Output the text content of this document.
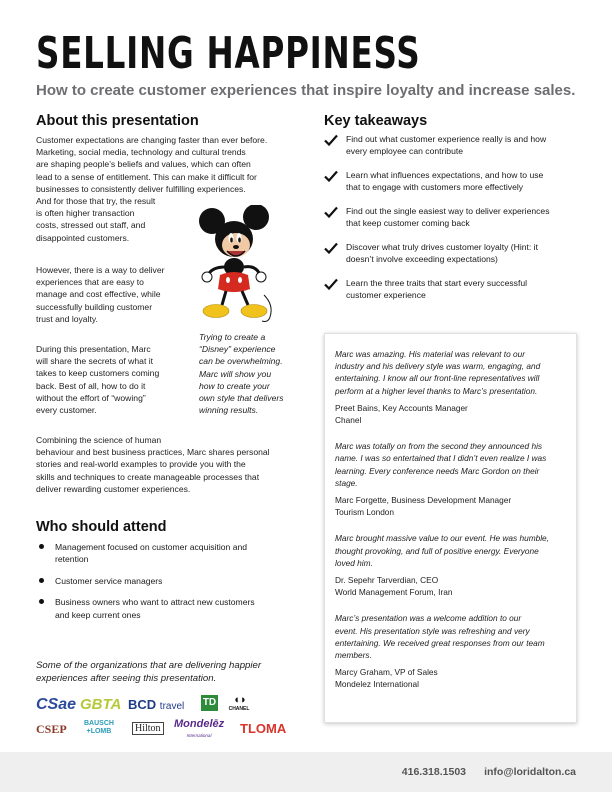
SELLING HAPPINESS
How to create customer experiences that inspire loyalty and increase sales.
About this presentation
Customer expectations are changing faster than ever before.
Marketing, social media, technology and cultural trends
are shaping people’s beliefs and values, which can often
lead to a sense of entitlement. This can make it difficult for
businesses to consistently deliver fulfilling experiences.
And for those that try, the result
is often higher transaction
costs, stressed out staff, and
disappointed customers.
However, there is a way to deliver
experiences that are easy to
manage and cost effective, while
successfully building customer
trust and loyalty.
During this presentation, Marc
will share the secrets of what it
takes to keep customers coming
back. Best of all, how to do it
without the effort of “wowing”
every customer.
Combining the science of human
behaviour and best business practices, Marc shares personal
stories and real-world examples to provide you with the
skills and techniques to create manageable processes that
deliver rewarding customer experiences.
Trying to create a
“Disney” experience
can be overwhelming.
Marc will show you
how to create your
own style that delivers
winning results.
Who should attend
Management focused on customer acquisition and
retention
Customer service managers
Business owners who want to attract new customers
and keep current ones
Some of the organizations that are delivering happier
experiences after seeing this presentation.
CSae GBTA BCD travel TD	◐◑
CHANEL
CSEP BAUSCH
+LOMB	Hilton Mondelēz
International	TLOMA
Key takeaways
Find out what customer experience really is and how
every employee can contribute
Learn what influences expectations, and how to use
that to engage with customers more effectively
Find out the single easiest way to deliver experiences
that keep customer coming back
Discover what truly drives customer loyalty (Hint: it
doesn’t involve exceeding expectations)
Learn the three traits that start every successful
customer experience
Marc was amazing. His material was relevant to our
industry and his delivery style was warm, engaging, and
entertaining. I know all our front-line representatives will
perform at a higher level thanks to Marc’s presentation.
Preet Bains, Key Accounts Manager
Chanel
Marc was totally on from the second they announced his
name. I was so entertained that I didn’t even realize I was
learning. Every conference needs Marc Gordon on their
stage.
Marc Forgette, Business Development Manager
Tourism London
Marc brought massive value to our event. He was humble,
thought provoking, and full of positive energy. Everyone
loved him.
Dr. Sepehr Tarverdian, CEO
World Management Forum, Iran
Marc’s presentation was a welcome addition to our
event. His presentation style was refreshing and very
entertaining. We received great responses from our team
members.
Marcy Graham, VP of Sales
Mondelez International
416.318.1503 info@loridalton.ca
